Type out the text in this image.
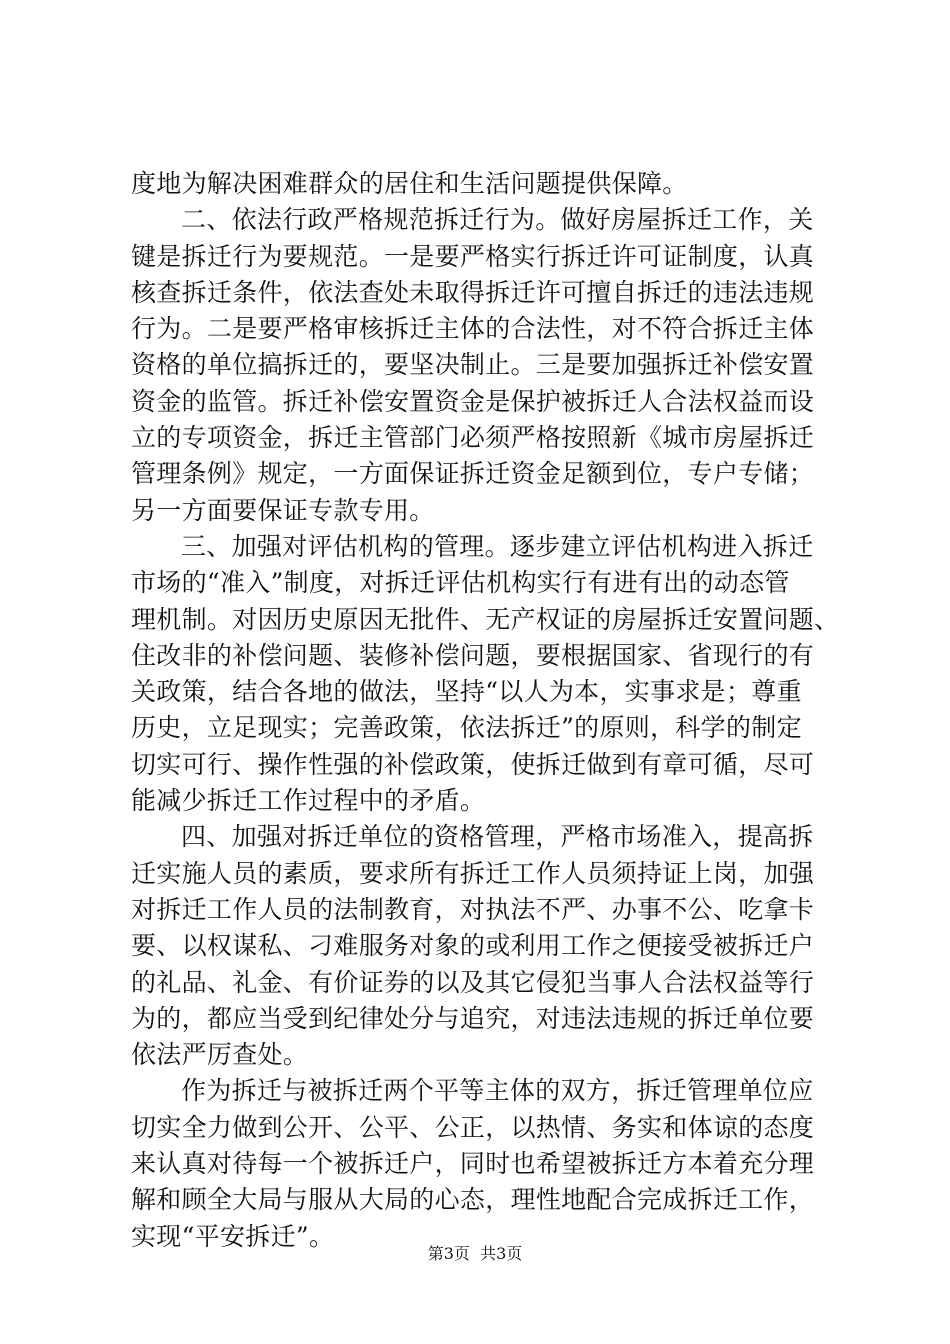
度地为解决困难群众的居住和生活问题提供保障。
二、依法行政严格规范拆迁行为。做好房屋拆迁工作，关
键是拆迁行为要规范。一是要严格实行拆迁许可证制度，认真
核查拆迁条件，依法查处未取得拆迁许可擅自拆迁的违法违规
行为。二是要严格审核拆迁主体的合法性，对不符合拆迁主体
资格的单位搞拆迁的，要坚决制止。三是要加强拆迁补偿安置
资金的监管。拆迁补偿安置资金是保护被拆迁人合法权益而设
立的专项资金，拆迁主管部门必须严格按照新《城市房屋拆迁
管理条例》规定，一方面保证拆迁资金足额到位，专户专储；
另一方面要保证专款专用。
三、加强对评估机构的管理。逐步建立评估机构进入拆迁
市场的“准入”制度，对拆迁评估机构实行有进有出的动态管
理机制。对因历史原因无批件、无产权证的房屋拆迁安置问题、
住改非的补偿问题、装修补偿问题，要根据国家、省现行的有
关政策，结合各地的做法，坚持“以人为本，实事求是；尊重
历史，立足现实；完善政策，依法拆迁”的原则，科学的制定
切实可行、操作性强的补偿政策，使拆迁做到有章可循，尽可
能减少拆迁工作过程中的矛盾。
四、加强对拆迁单位的资格管理，严格市场准入，提高拆
迁实施人员的素质，要求所有拆迁工作人员须持证上岗，加强
对拆迁工作人员的法制教育，对执法不严、办事不公、吃拿卡
要、以权谋私、刁难服务对象的或利用工作之便接受被拆迁户
的礼品、礼金、有价证券的以及其它侵犯当事人合法权益等行
为的，都应当受到纪律处分与追究，对违法违规的拆迁单位要
依法严厉查处。
作为拆迁与被拆迁两个平等主体的双方，拆迁管理单位应
切实全力做到公开、公平、公正，以热情、务实和体谅的态度
来认真对待每一个被拆迁户，同时也希望被拆迁方本着充分理
解和顾全大局与服从大局的心态，理性地配合完成拆迁工作，
实现“平安拆迁”。
第3页 共3页
